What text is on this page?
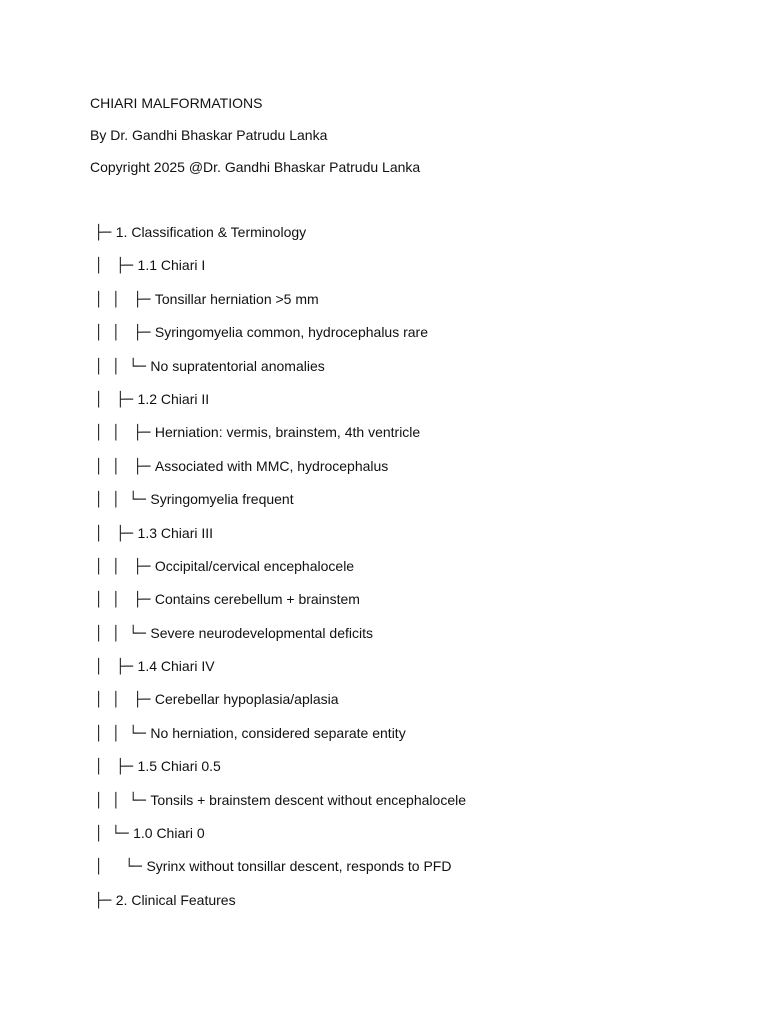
CHIARI MALFORMATIONS
By Dr. Gandhi Bhaskar Patrudu Lanka
Copyright 2025 @Dr. Gandhi Bhaskar Patrudu Lanka
├─ 1. Classification & Terminology
│   ├─ 1.1 Chiari I
│  │   ├─ Tonsillar herniation >5 mm
│  │   ├─ Syringomyelia common, hydrocephalus rare
│  │  └─ No supratentorial anomalies
│   ├─ 1.2 Chiari II
│  │   ├─ Herniation: vermis, brainstem, 4th ventricle
│  │   ├─ Associated with MMC, hydrocephalus
│  │  └─ Syringomyelia frequent
│   ├─ 1.3 Chiari III
│  │   ├─ Occipital/cervical encephalocele
│  │   ├─ Contains cerebellum + brainstem
│  │  └─ Severe neurodevelopmental deficits
│   ├─ 1.4 Chiari IV
│  │   ├─ Cerebellar hypoplasia/aplasia
│  │  └─ No herniation, considered separate entity
│   ├─ 1.5 Chiari 0.5
│  │  └─ Tonsils + brainstem descent without encephalocele
│  └─ 1.0 Chiari 0
│     └─ Syrinx without tonsillar descent, responds to PFD
├─ 2. Clinical Features
